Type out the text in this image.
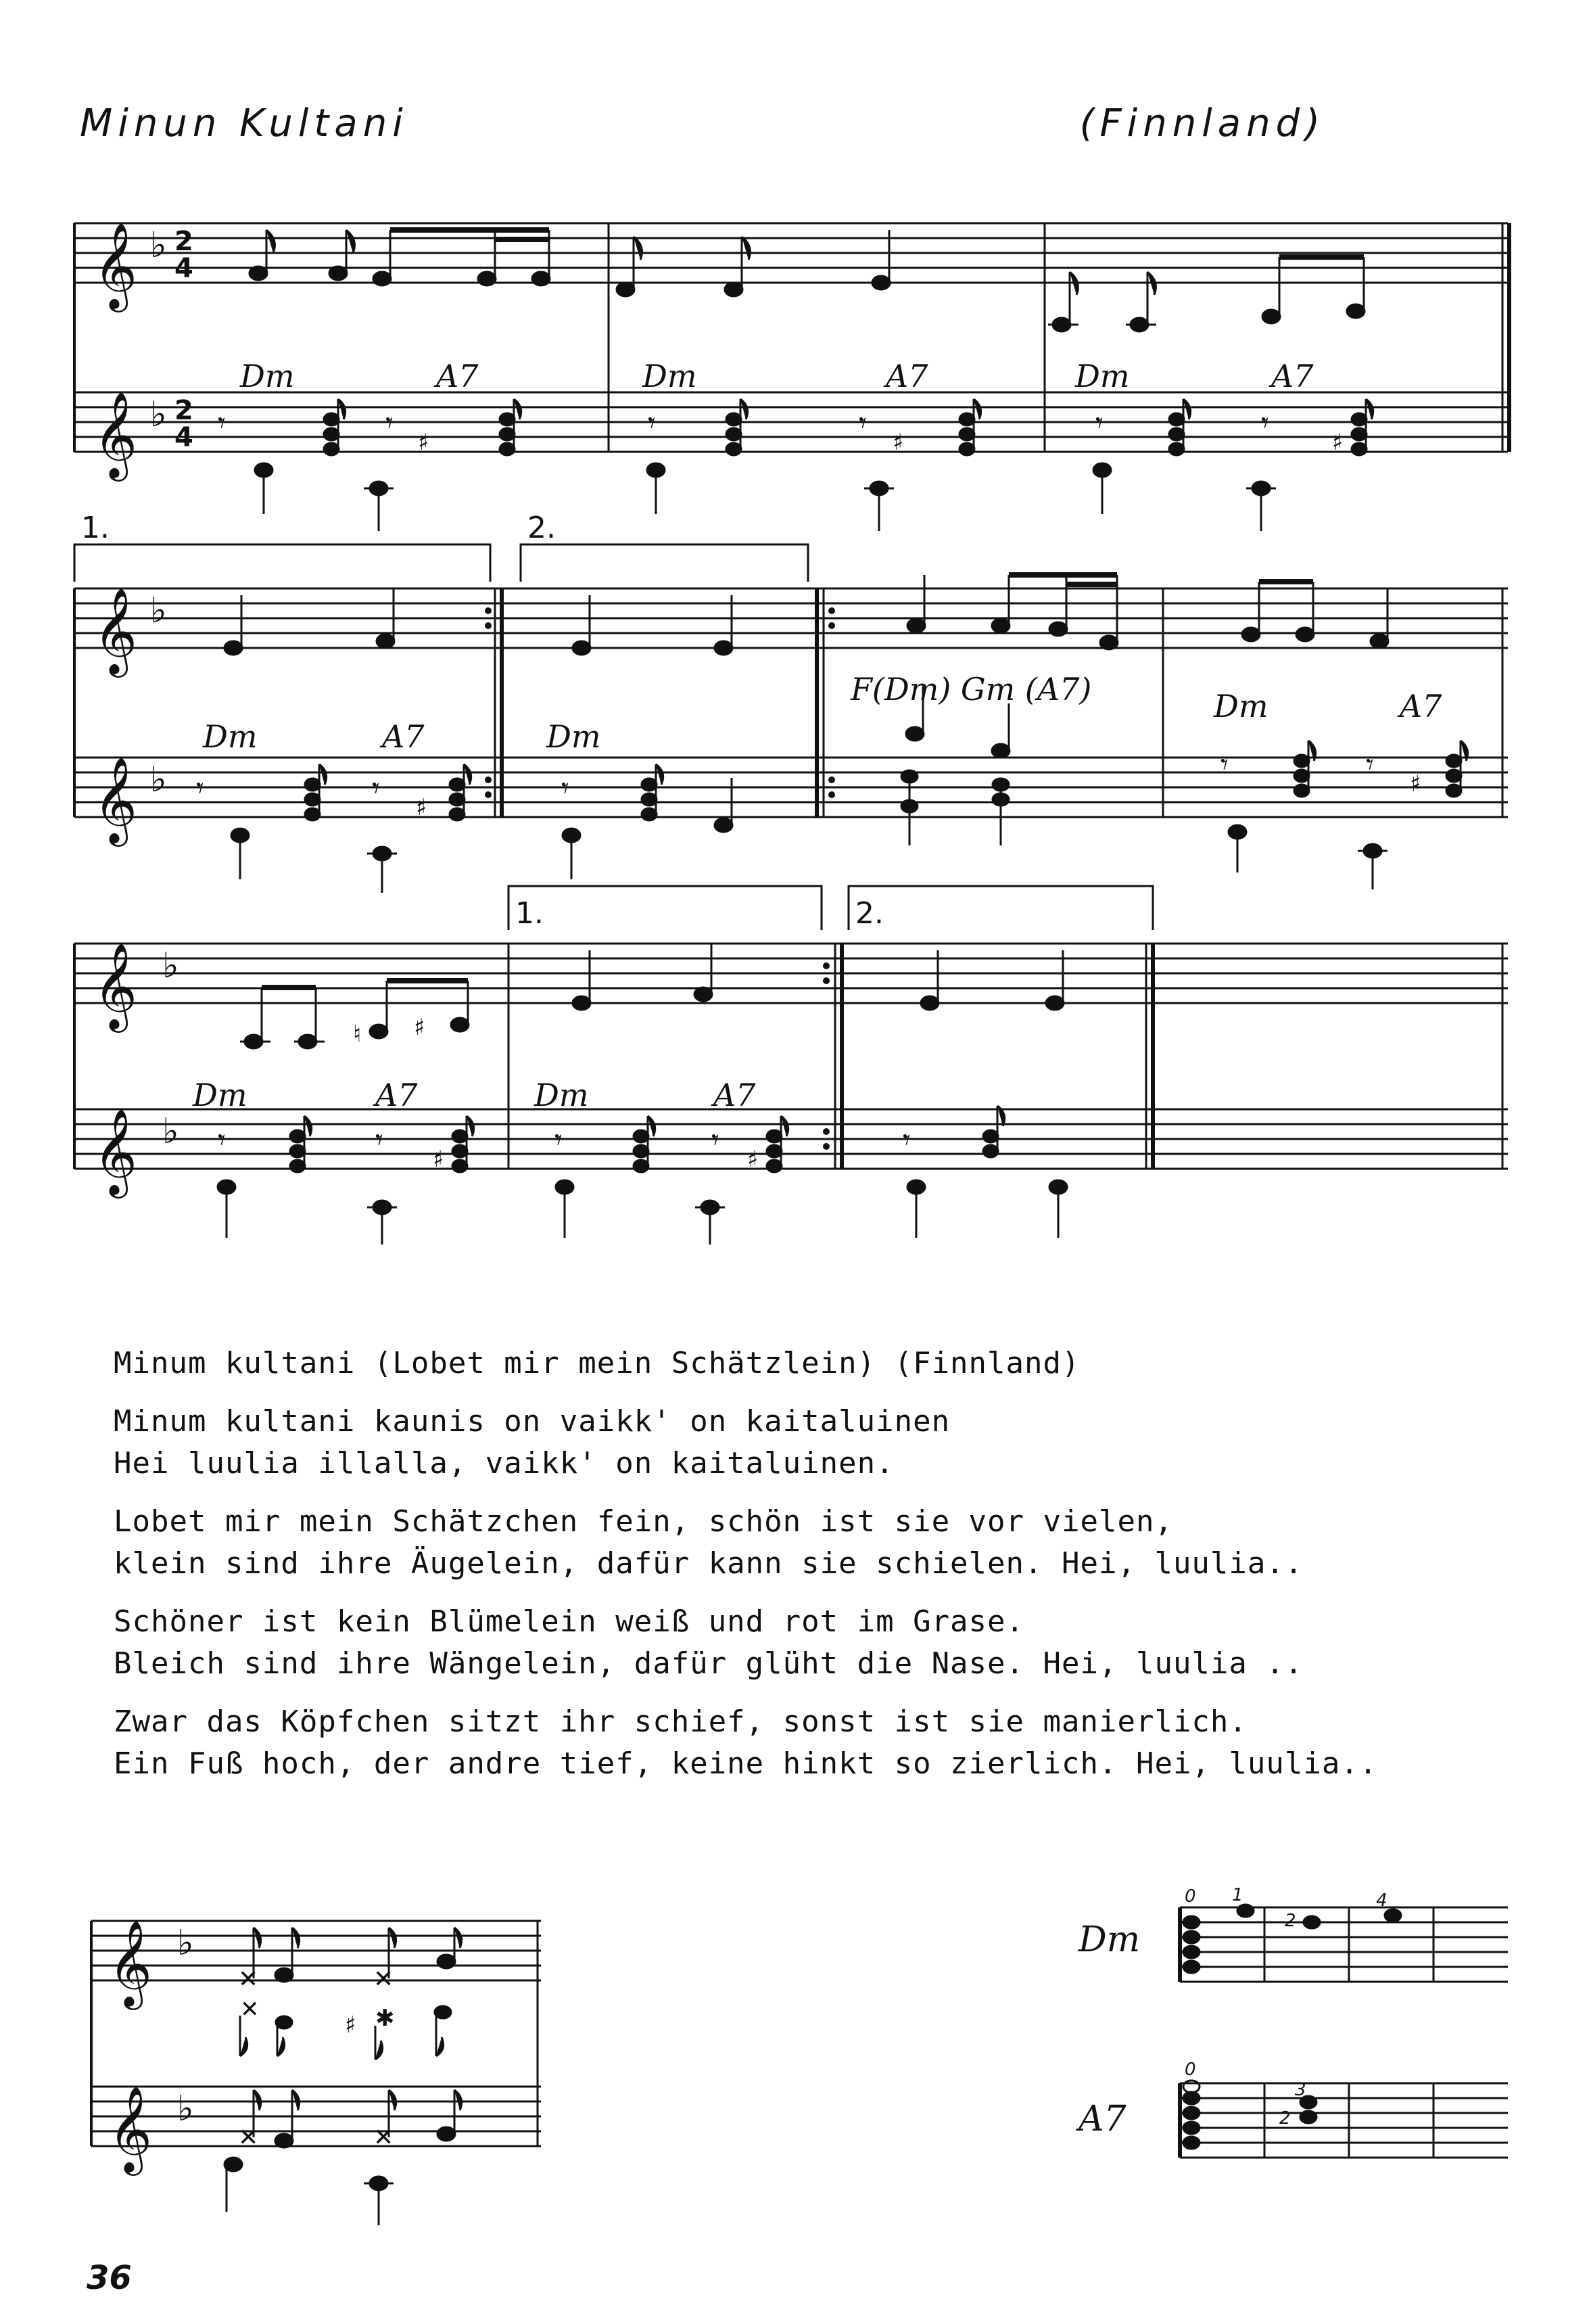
Minun Kultani	(Finnland)
𝄞
𝄞
♭
♭
2
4
2
4
Dm	A7	Dm	A7	Dm	A7
𝄾	𝄾
♯
𝄾	𝄾
♯
𝄾	𝄾
♯
1.	2.
𝄞
𝄞
♭
♭
Dm	A7	Dm
F(Dm) Gm (A7)	Dm	A7
𝄾	𝄾
♯
𝄾
𝄾	𝄾
♯
1.	2.
𝄞
𝄞
♭
♭
♮ ♯
Dm	A7	Dm	A7
𝄾	𝄾
♯
𝄾	𝄾
♯
𝄾
𝄞
𝄞
♭
♭
✕	✕
✕
♯ ✱
✕	✕
0 1
2
4
Dm
0
3
2
A7
Minum kultani (Lobet mir mein Schätzlein) (Finnland)
Minum kultani kaunis on vaikk' on kaitaluinen
Hei luulia illalla, vaikk' on kaitaluinen.
Lobet mir mein Schätzchen fein, schön ist sie vor vielen,
klein sind ihre Äugelein, dafür kann sie schielen. Hei, luulia..
Schöner ist kein Blümelein weiß und rot im Grase.
Bleich sind ihre Wängelein, dafür glüht die Nase. Hei, luulia ..
Zwar das Köpfchen sitzt ihr schief, sonst ist sie manierlich.
Ein Fuß hoch, der andre tief, keine hinkt so zierlich. Hei, luulia..
36
